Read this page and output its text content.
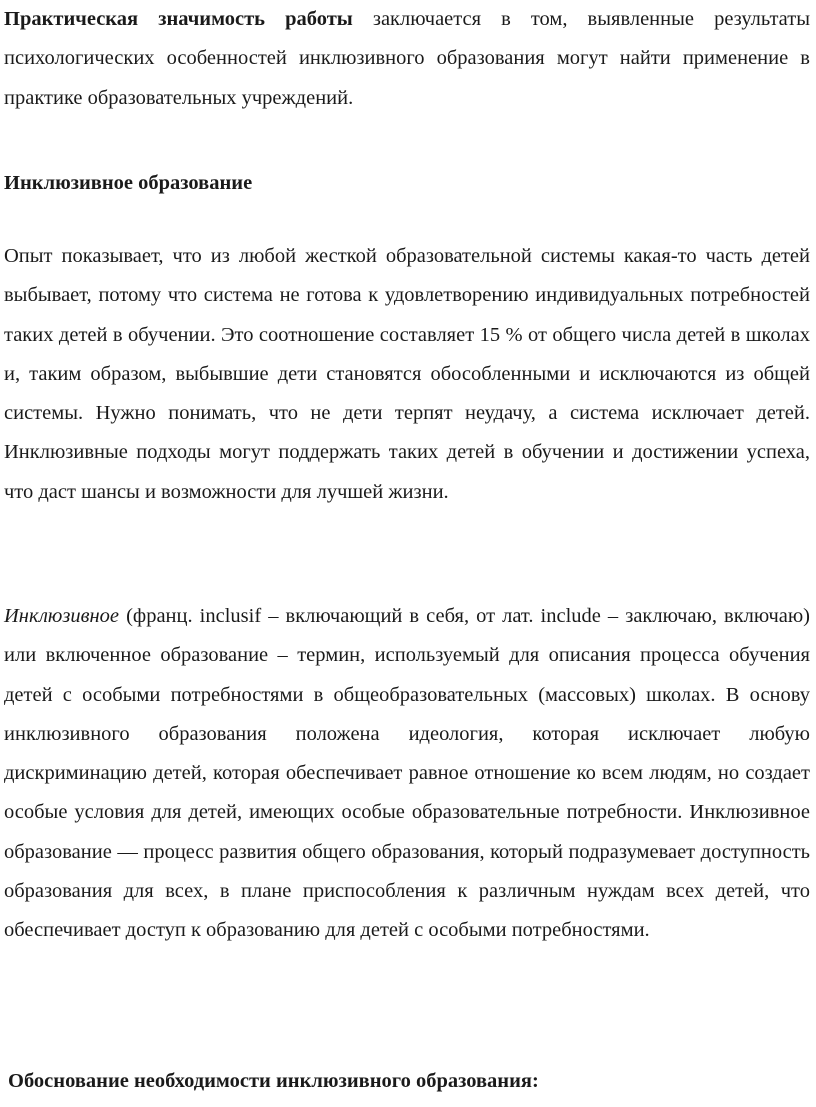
Практическая значимость работы заключается в том, выявленные результаты психологических особенностей инклюзивного образования могут найти применение в практике образовательных учреждений.

Инклюзивное образование

Опыт показывает, что из любой жесткой образовательной системы какая-то часть детей выбывает, потому что система не готова к удовлетворению индивидуальных потребностей таких детей в обучении. Это соотношение составляет 15 % от общего числа детей в школах и, таким образом, выбывшие дети становятся обособленными и исключаются из общей системы. Нужно понимать, что не дети терпят неудачу, а система исключает детей. Инклюзивные подходы могут поддержать таких детей в обучении и достижении успеха, что даст шансы и возможности для лучшей жизни.

Инклюзивное (франц. inclusif – включающий в себя, от лат. include – заключаю, включаю) или включенное образование – термин, используемый для описания процесса обучения детей с особыми потребностями в общеобразовательных (массовых) школах. В основу инклюзивного образования положена идеология, которая исключает любую дискриминацию детей, которая обеспечивает равное отношение ко всем людям, но создает особые условия для детей, имеющих особые образовательные потребности. Инклюзивное образование — процесс развития общего образования, который подразумевает доступность образования для всех, в плане приспособления к различным нуждам всех детей, что обеспечивает доступ к образованию для детей с особыми потребностями.

Обоснование необходимости инклюзивного образования:
